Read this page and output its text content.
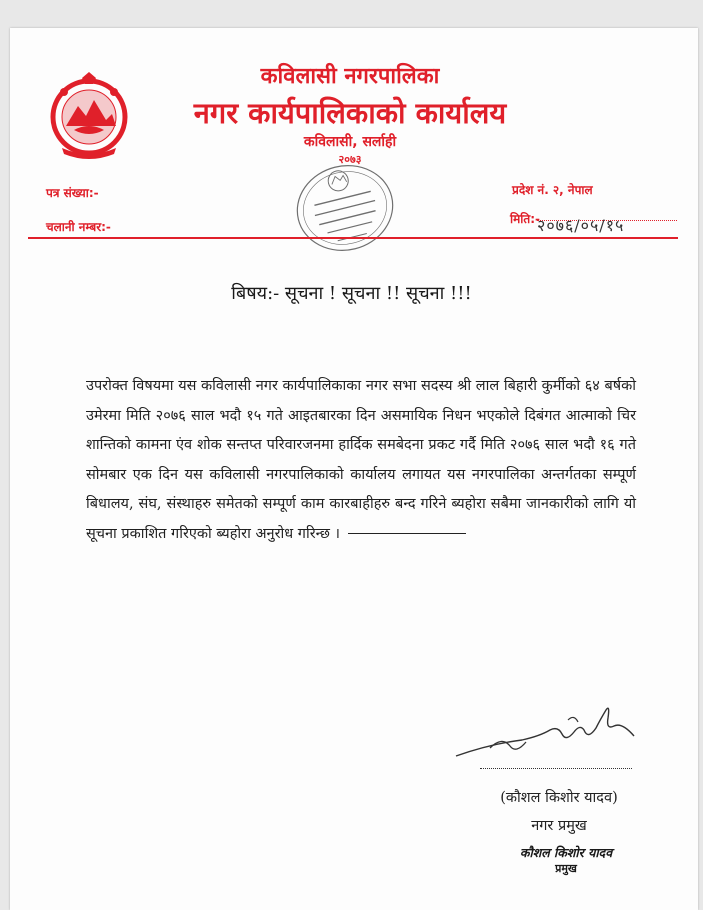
कविलासी नगरपालिका
नगर कार्यपालिकाको कार्यालय
कविलासी, सर्लाही
२०७३
पत्र संख्या:-
चलानी नम्बर:-
प्रदेश नं. २, नेपाल
मिति:-
२०७६/०५/१५
बिषय:- सूचना ! सूचना !! सूचना !!!
उपरोक्त विषयमा यस कविलासी नगर कार्यपालिकाका नगर सभा सदस्य श्री लाल बिहारी कुर्मीको ६४ बर्षको उमेरमा मिति २०७६ साल भदौ १५ गते आइतबारका दिन असमायिक निधन भएकोले दिबंगत आत्माको चिर शान्तिको कामना एंव शोक सन्तप्त परिवारजनमा हार्दिक समबेदना प्रकट गर्दै मिति २०७६ साल भदौ १६ गते सोमबार एक दिन यस कविलासी नगरपालिकाको कार्यालय लगायत यस नगरपालिका अन्तर्गतका सम्पूर्ण बिधालय, संघ, संस्थाहरु समेतको सम्पूर्ण काम कारबाहीहरु बन्द गरिने ब्यहोरा सबैमा जानकारीको लागि यो सूचना प्रकाशित गरिएको ब्यहोरा अनुरोध गरिन्छ ।
(कौशल किशोर यादव)
नगर प्रमुख
कौशल किशोर यादव
प्रमुख
